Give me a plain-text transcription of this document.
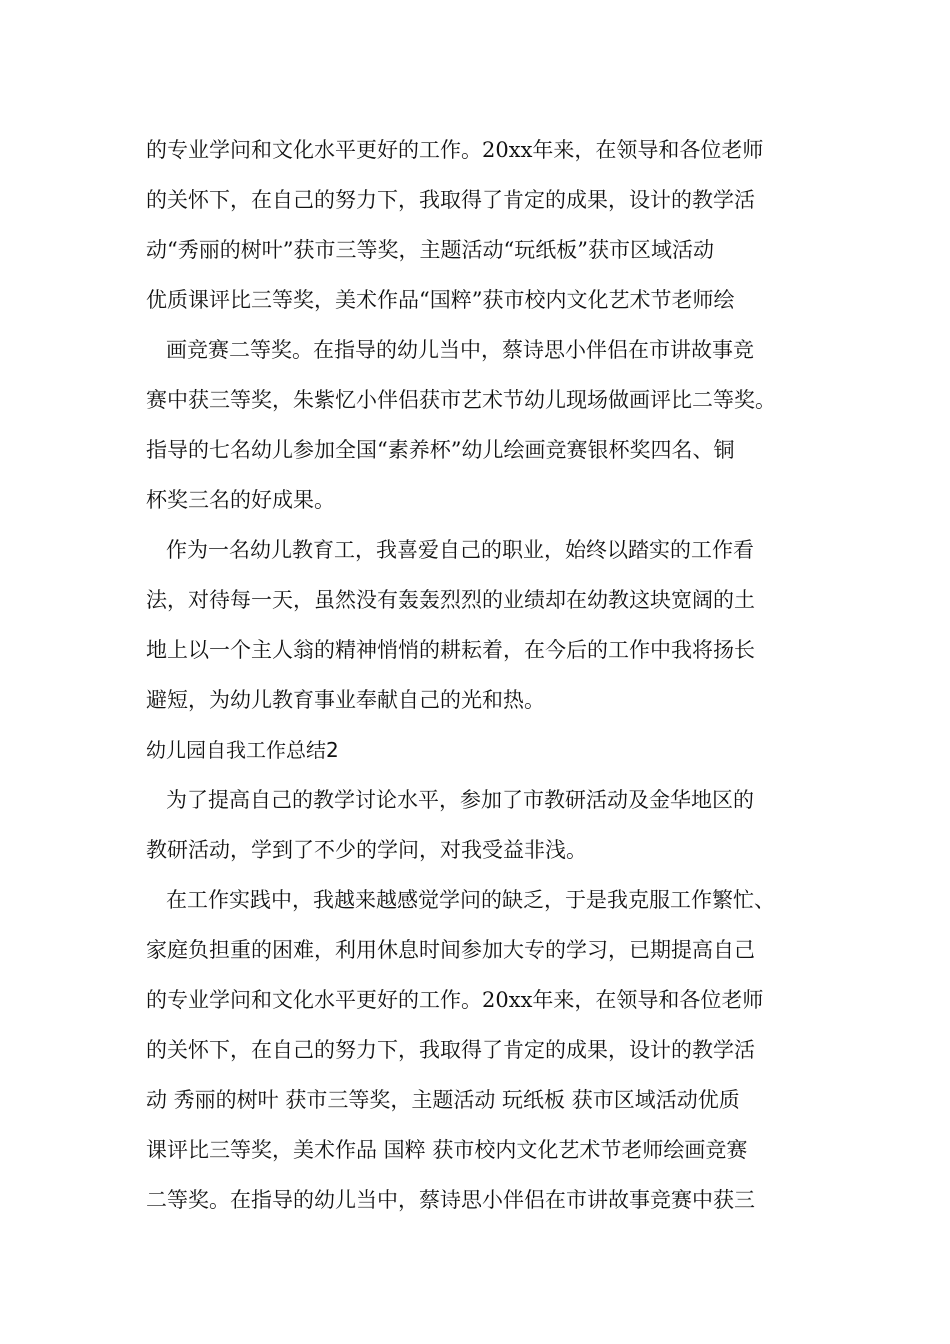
的专业学问和文化水平更好的工作。20xx年来，在领导和各位老师
的关怀下，在自己的努力下，我取得了肯定的成果，设计的教学活
动“秀丽的树叶”获市三等奖，主题活动“玩纸板”获市区域活动
优质课评比三等奖，美术作品“国粹”获市校内文化艺术节老师绘
画竞赛二等奖。在指导的幼儿当中，蔡诗思小伴侣在市讲故事竞
赛中获三等奖，朱紫忆小伴侣获市艺术节幼儿现场做画评比二等奖。
指导的七名幼儿参加全国“素养杯”幼儿绘画竞赛银杯奖四名、铜
杯奖三名的好成果。
作为一名幼儿教育工，我喜爱自己的职业，始终以踏实的工作看
法，对待每一天，虽然没有轰轰烈烈的业绩却在幼教这块宽阔的土
地上以一个主人翁的精神悄悄的耕耘着，在今后的工作中我将扬长
避短，为幼儿教育事业奉献自己的光和热。
幼儿园自我工作总结2
为了提高自己的教学讨论水平，参加了市教研活动及金华地区的
教研活动，学到了不少的学问，对我受益非浅。
在工作实践中，我越来越感觉学问的缺乏，于是我克服工作繁忙、
家庭负担重的困难，利用休息时间参加大专的学习，已期提高自己
的专业学问和文化水平更好的工作。20xx年来，在领导和各位老师
的关怀下，在自己的努力下，我取得了肯定的成果，设计的教学活
动 秀丽的树叶 获市三等奖，主题活动 玩纸板 获市区域活动优质
课评比三等奖，美术作品 国粹 获市校内文化艺术节老师绘画竞赛
二等奖。在指导的幼儿当中，蔡诗思小伴侣在市讲故事竞赛中获三
